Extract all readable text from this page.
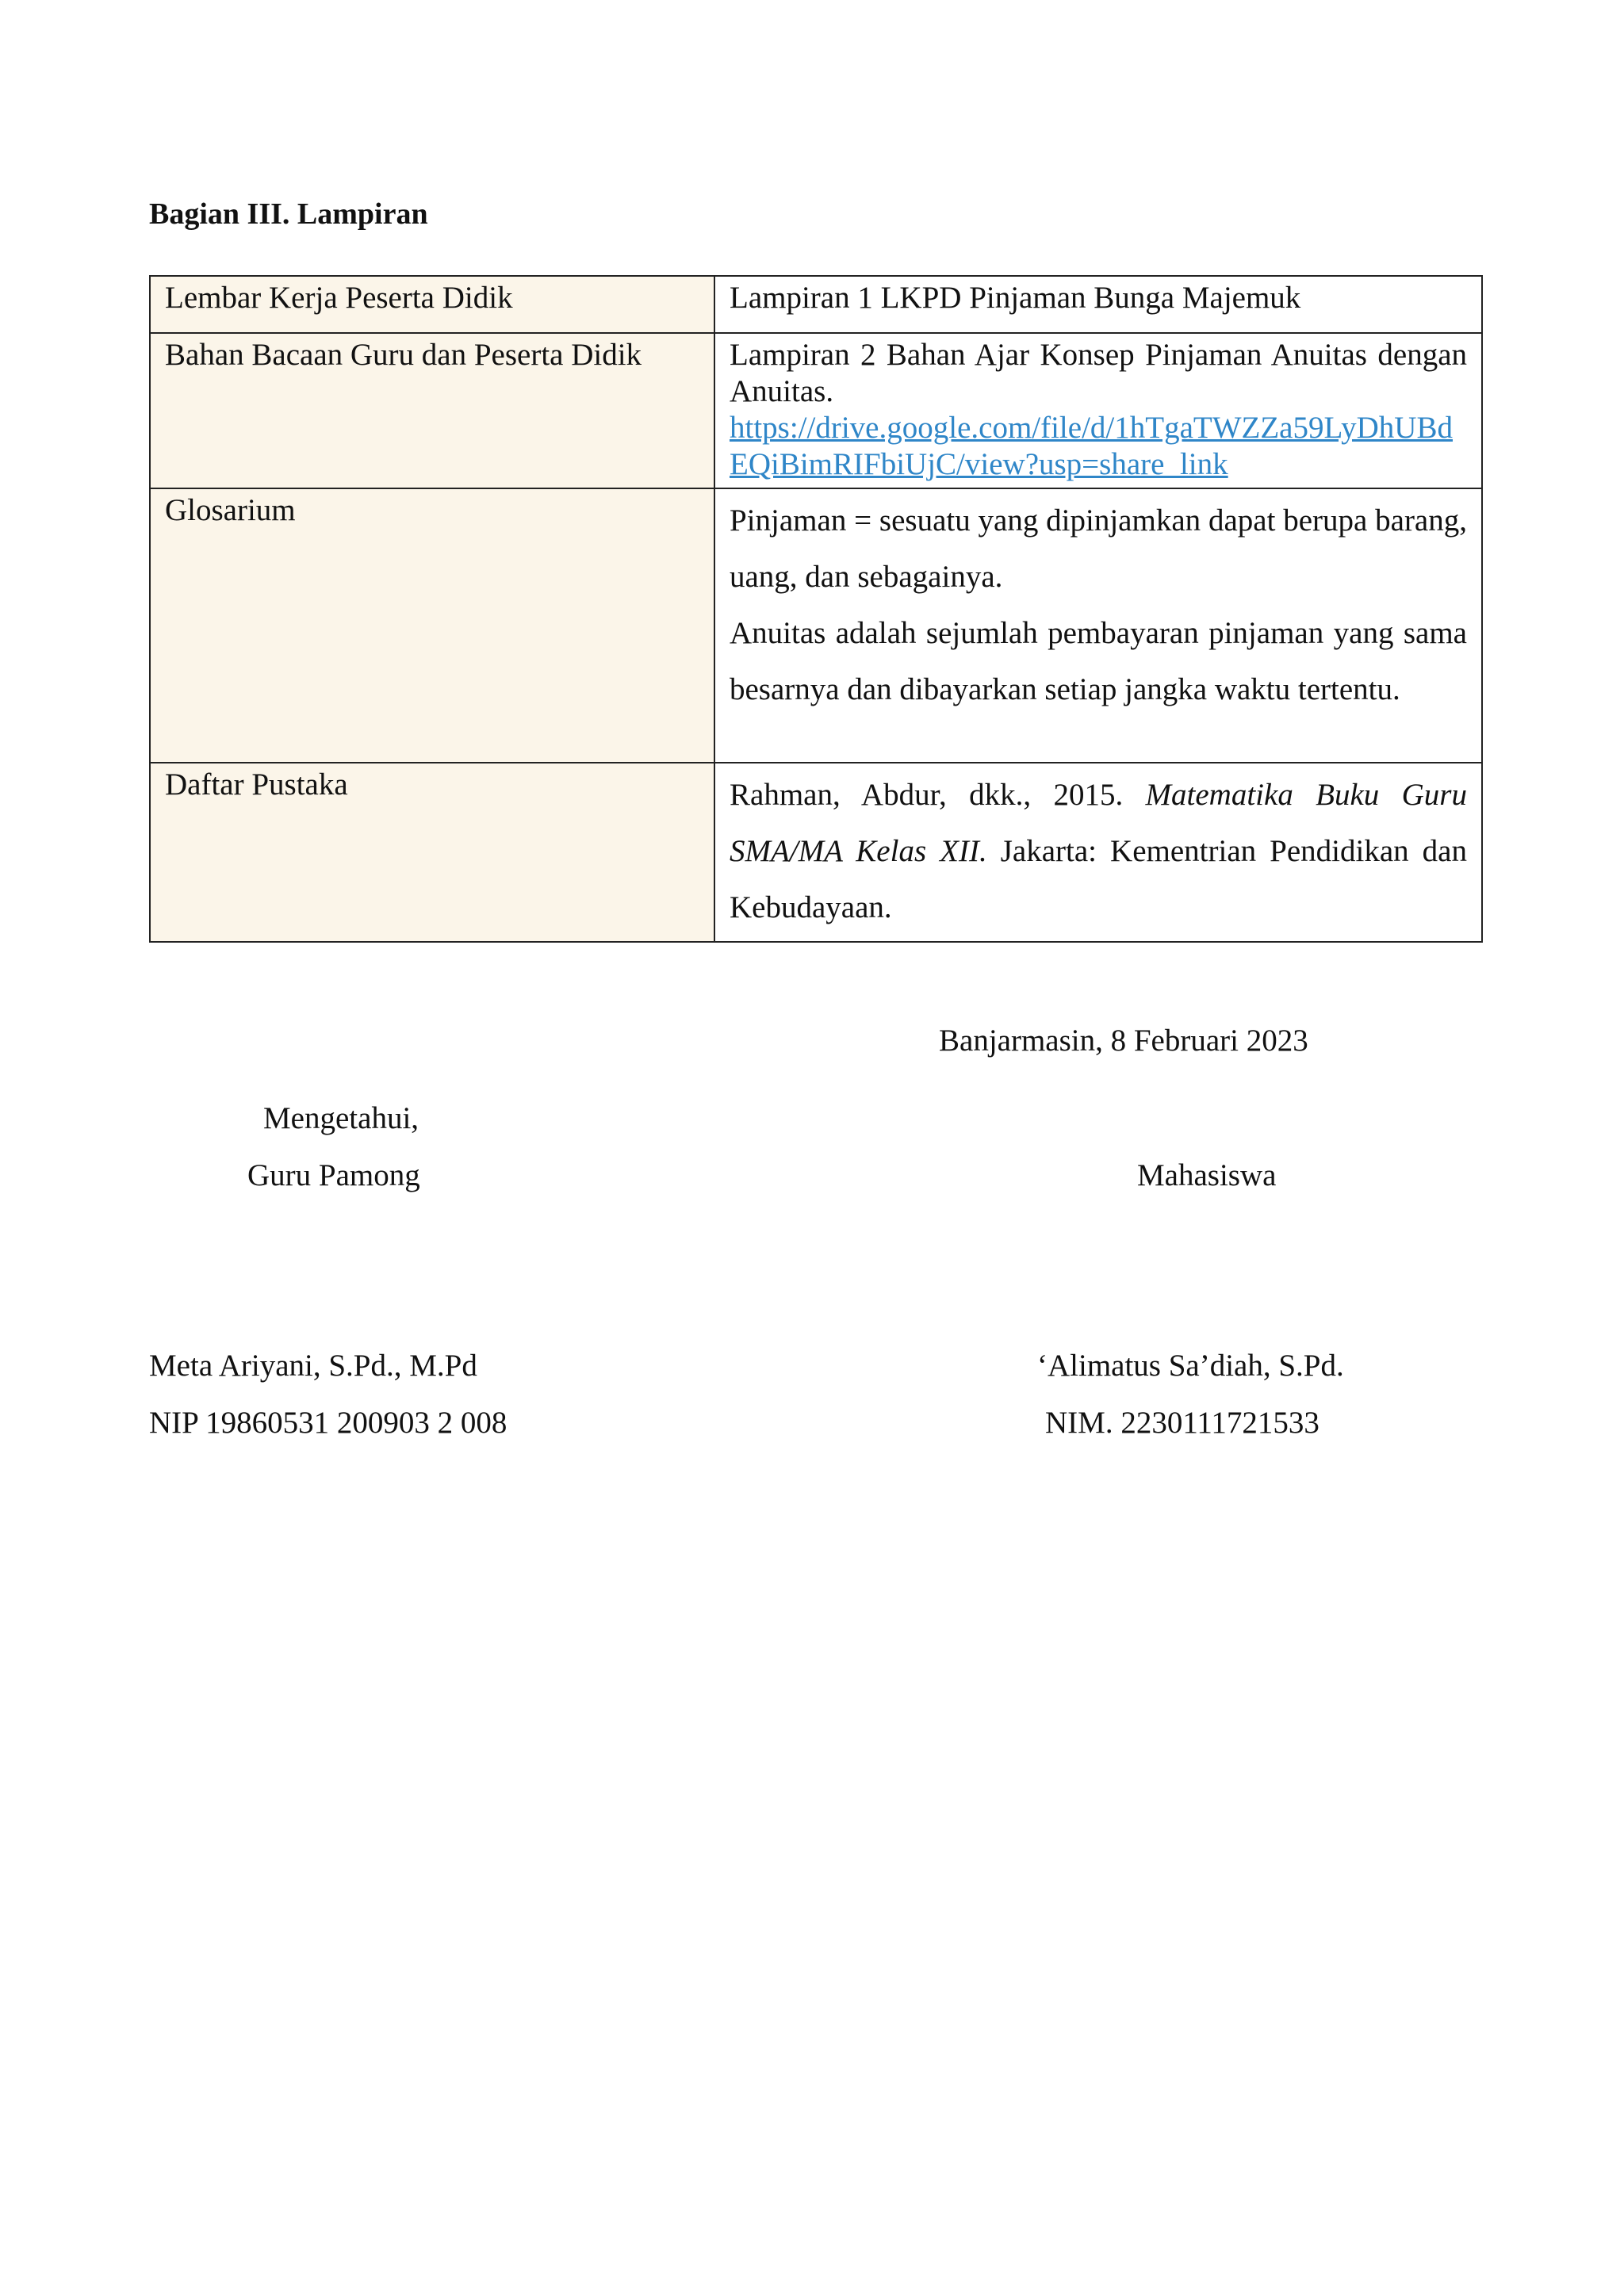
Bagian III. Lampiran
Lembar Kerja Peserta Didik	Lampiran 1 LKPD Pinjaman Bunga Majemuk
Bahan Bacaan Guru dan Peserta Didik	Lampiran 2 Bahan Ajar Konsep Pinjaman Anuitas dengan Anuitas.
https://drive.google.com/file/d/1hTgaTWZZa59LyDhUBdEQiBimRIFbiUjC/view?usp=share_link
Glosarium	Pinjaman = sesuatu yang dipinjamkan dapat berupa barang, uang, dan sebagainya.
Anuitas adalah sejumlah pembayaran pinjaman yang sama besarnya dan dibayarkan setiap jangka waktu tertentu.

Daftar Pustaka	Rahman, Abdur, dkk., 2015. Matematika Buku Guru SMA/MA Kelas XII. Jakarta: Kementrian Pendidikan dan Kebudayaan.
Banjarmasin, 8 Februari 2023
Mengetahui,
Guru Pamong	Mahasiswa
Meta Ariyani, S.Pd., M.Pd	‘Alimatus Sa’diah, S.Pd.
NIP 19860531 200903 2 008	NIM. 2230111721533
